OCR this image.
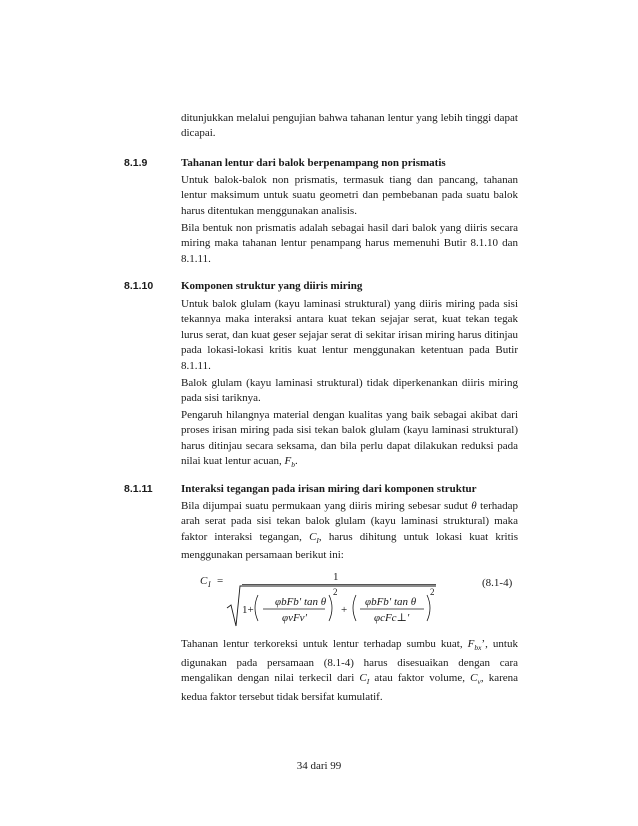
ditunjukkan melalui pengujian bahwa tahanan lentur yang lebih tinggi dapat dicapai.

8.1.9	Tahanan lentur dari balok berpenampang non prismatis

Untuk balok-balok non prismatis, termasuk tiang dan pancang, tahanan lentur maksimum untuk suatu geometri dan pembebanan pada suatu balok harus ditentukan menggunakan analisis.

Bila bentuk non prismatis adalah sebagai hasil dari balok yang diiris secara miring maka tahanan lentur penampang harus memenuhi Butir 8.1.10 dan 8.1.11.

8.1.10	Komponen struktur yang diiris miring

Untuk balok glulam (kayu laminasi struktural) yang diiris miring pada sisi tekannya maka interaksi antara kuat tekan sejajar serat, kuat tekan tegak lurus serat, dan kuat geser sejajar serat di sekitar irisan miring harus ditinjau pada lokasi-lokasi kritis kuat lentur menggunakan ketentuan pada Butir 8.1.11.

Balok glulam (kayu laminasi struktural) tidak diperkenankan diiris miring pada sisi tariknya.

Pengaruh hilangnya material dengan kualitas yang baik sebagai akibat dari proses irisan miring pada sisi tekan balok glulam (kayu laminasi struktural) harus ditinjau secara seksama, dan bila perlu dapat dilakukan reduksi pada nilai kuat lentur acuan, $F_b$.

8.1.11	Interaksi tegangan pada irisan miring dari komponen struktur

Bila dijumpai suatu permukaan yang diiris miring sebesar sudut θ terhadap arah serat pada sisi tekan balok glulam (kayu laminasi struktural) maka faktor interaksi tegangan, $C_I$, harus dihitung untuk lokasi kuat kritis menggunakan persamaan berikut ini:

C I =	1
1+
φbFb′ tan θ
φvFv′
2
+
φbFb′ tan θ
φcFc⊥′
2
(8.1-4)

Tahanan lentur terkoreksi untuk lentur terhadap sumbu kuat, $F_{bx}$’, untuk digunakan pada persamaan (8.1-4) harus disesuaikan dengan cara mengalikan dengan nilai terkecil dari $C_I$ atau faktor volume, $C_v$, karena kedua faktor tersebut tidak bersifat kumulatif.

34 dari 99
